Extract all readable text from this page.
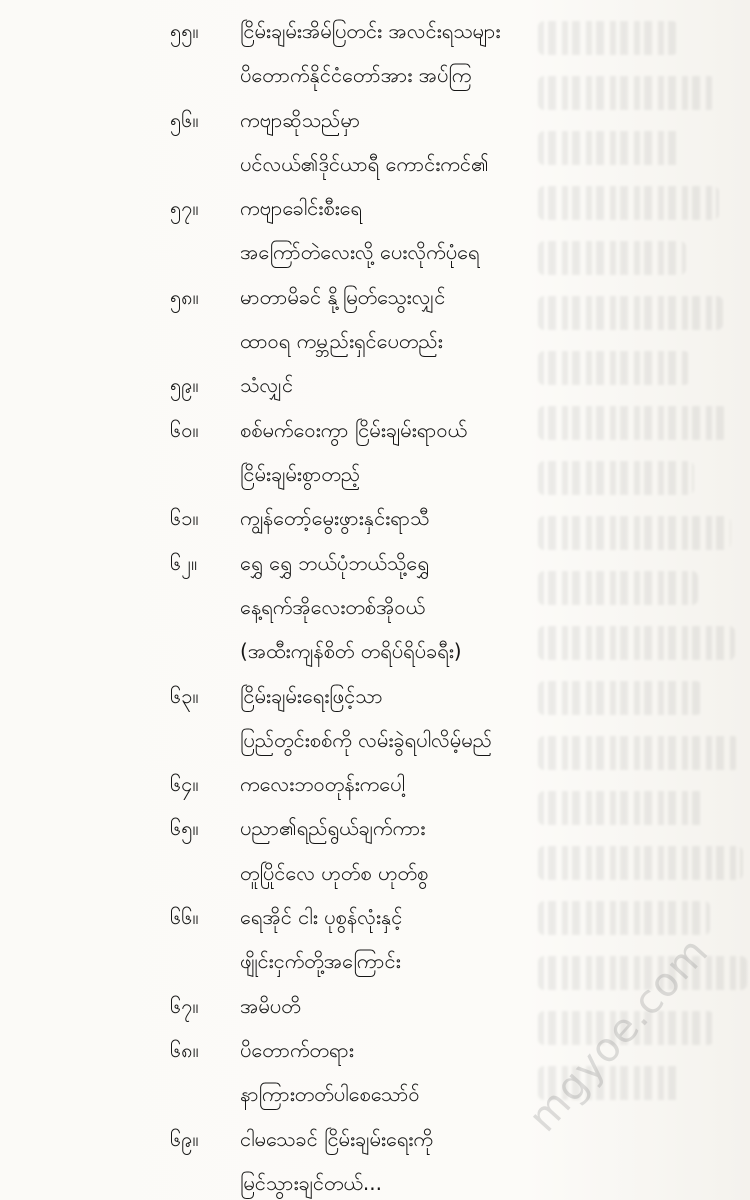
၅၅။	ငြိမ်းချမ်းအိမ်ပြတင်း အလင်းရသများ
ပိတောက်နိုင်ငံတော်အား အပ်ကြ
၅၆။	ကဗျာဆိုသည်မှာ
ပင်လယ်၏ဒိုင်ယာရီ ကောင်းကင်၏
၅၇။	ကဗျာခေါင်းစီးရေ
အကြော်တဲလေးလို့ ပေးလိုက်ပုံရေ
၅၈။	မာတာမိခင် နို့မြတ်သွေးလျှင်
ထာဝရ ကမ္ဘည်းရှင်ပေတည်း
၅၉။	သံလျှင်
၆၀။	စစ်မက်ဝေးကွာ ငြိမ်းချမ်းရာဝယ်
ငြိမ်းချမ်းစွာတည့်
၆၁။	ကျွန်တော့်မွေးဖွားနှင်းရာသီ
၆၂။	ရွှေ ရွှေ ဘယ်ပုံဘယ်သို့ရွှေ
နေ့ရက်အိုလေးတစ်အိုဝယ်
(အထီးကျန်စိတ် တရိပ်ရိပ်ခရီး)
၆၃။	ငြိမ်းချမ်းရေးဖြင့်သာ
ပြည်တွင်းစစ်ကို လမ်းခွဲရပါလိမ့်မည်
၆၄။	ကလေးဘဝတုန်းကပေါ့
၆၅။	ပညာ၏ရည်ရွယ်ချက်ကား
တူပြိုင်လေ ဟုတ်စ ဟုတ်စွ
၆၆။	ရေအိုင် ငါး ပုစွန်လုံးနှင့်
ဖျိုင်းငှက်တို့အကြောင်း
၆၇။	အမိပတိ
၆၈။	ပိတောက်တရား
နာကြားတတ်ပါစေသော်ဝ်
၆၉။	ငါမသေခင် ငြိမ်းချမ်းရေးကို
မြင်သွားချင်တယ်...
mgyoe.com
